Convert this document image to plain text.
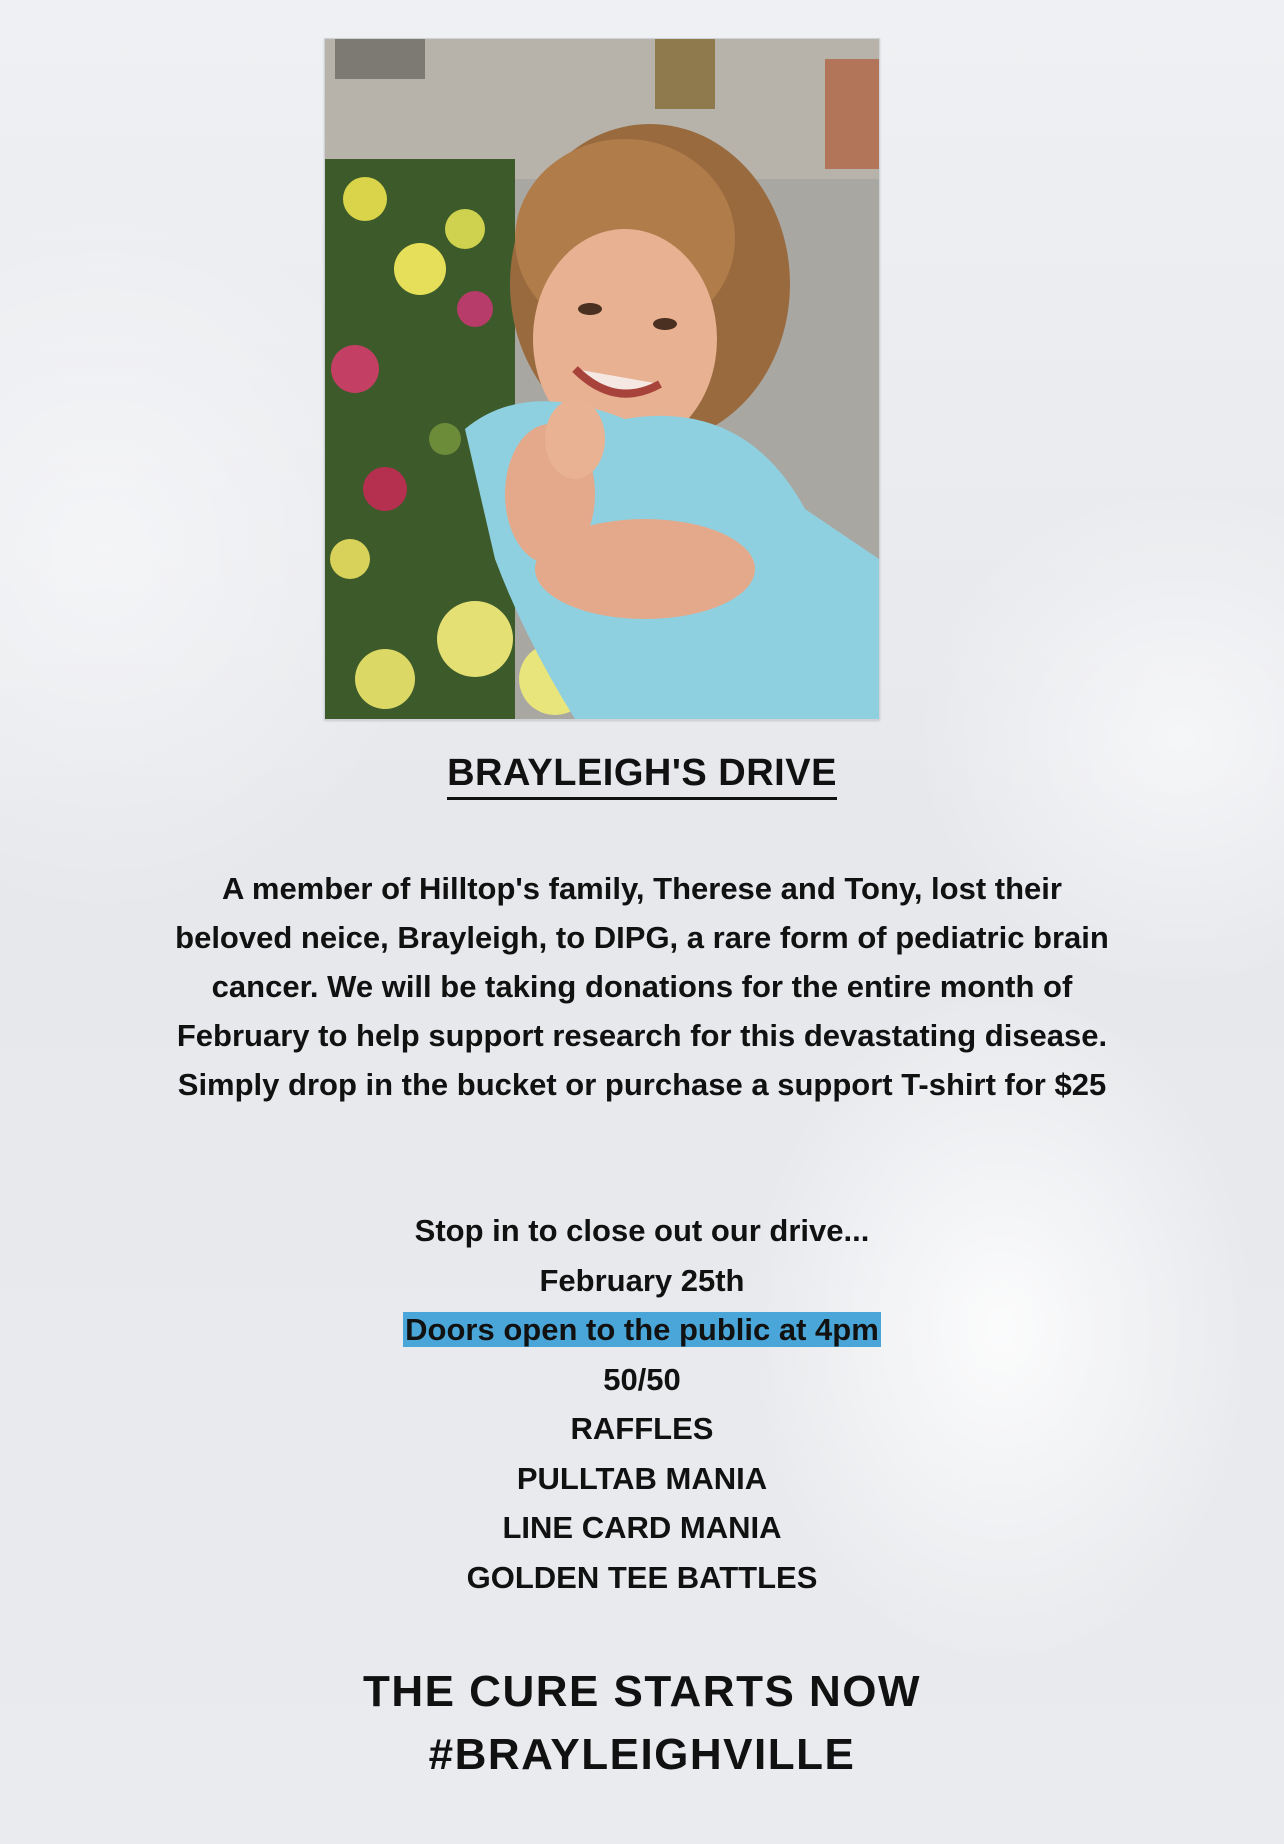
BRAYLEIGH'S DRIVE
A member of Hilltop's family, Therese and Tony, lost their
beloved neice, Brayleigh, to DIPG, a rare form of pediatric brain
cancer. We will be taking donations for the entire month of
February to help support research for this devastating disease.
Simply drop in the bucket or purchase a support T-shirt for $25
Stop in to close out our drive...
February 25th
Doors open to the public at 4pm
50/50
RAFFLES
PULLTAB MANIA
LINE CARD MANIA
GOLDEN TEE BATTLES
THE CURE STARTS NOW
#BRAYLEIGHVILLE
